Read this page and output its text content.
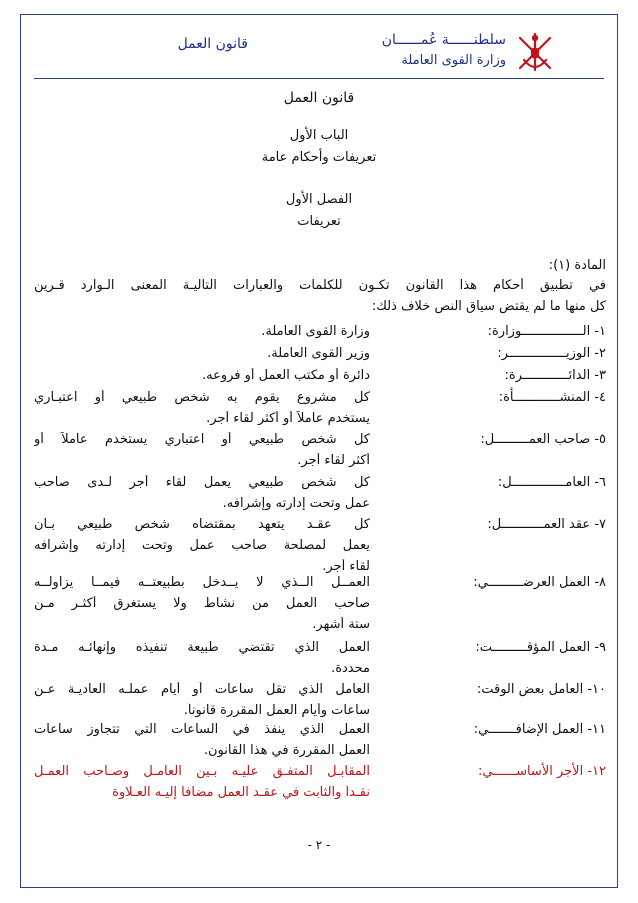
قانون العمل	سلطنــــــة عُمــــــان
وزارة القوى العاملة
قانون العمل
الباب الأول
تعريفات وأحكام عامة
الفصل الأول
تعريفات
المادة (١):
في تطبيق أحكام هذا القانون تكـون للكلمات والعبارات التاليـة المعنى الـوارد قـرين
كل منها ما لم يقتض سياق النص خلاف ذلك:
١- الــــــــــــــــوزارة:
وزارة القوى العاملة.
٢- الوزيـــــــــــــــر:
وزير القوى العاملة.
٣- الدائــــــــــــرة:
دائرة أو مكتب العمل أو فروعه.
٤- المنشــــــــــــأة:
كل مشروع يقوم به شخص طبيعي أو اعتبـاري
يستخدم عاملاً أو أكثر لقاء أجر.
٥- صاحب العمـــــــــل:
كل شخص طبيعي أو اعتباري يستخدم عاملاً أو
أكثر لقاء أجر.
٦- العامــــــــــــــل:
كل شخص طبيعي يعمل لقاء أجر لـدى صاحب
عمل وتحت إدارته وإشرافه.
٧- عقد العمـــــــــــل:
كل عقـد يتعهد بمقتضاه شخص طبيعي بـأن
يعمل لمصلحة صاحب عمل وتحت إدارته وإشرافه
لقاء أجر.
٨- العمل العرضـــــــــي:
العمــل الــذي لا يــدخل بطبيعتــه فيمــا يزاولــه
صاحب العمل من نشاط ولا يستغرق أكثـر مـن
ستة أشهر.
٩- العمل المؤقـــــــــت:
العمل الذي تقتضي طبيعة تنفيذه وإنهائـه مـدة
محددة.
١٠- العامل بعض الوقت:
العامل الذي تقل ساعات أو أيام عملـه العاديـة عـن
ساعات وأيام العمل المقررة قانوناً.
١١- العمل الإضافـــــــي:
العمل الذي ينفذ في الساعات التي تتجاوز ساعات
العمل المقررة في هذا القانون.
١٢- الأجر الأساســــــي:
المقابـل المتفـق عليـه بـين العامـل وصـاحب العمـل
نقـداً والثابت في عقـد العمل مضافاً إليـه العـلاوة
- ٢ -
